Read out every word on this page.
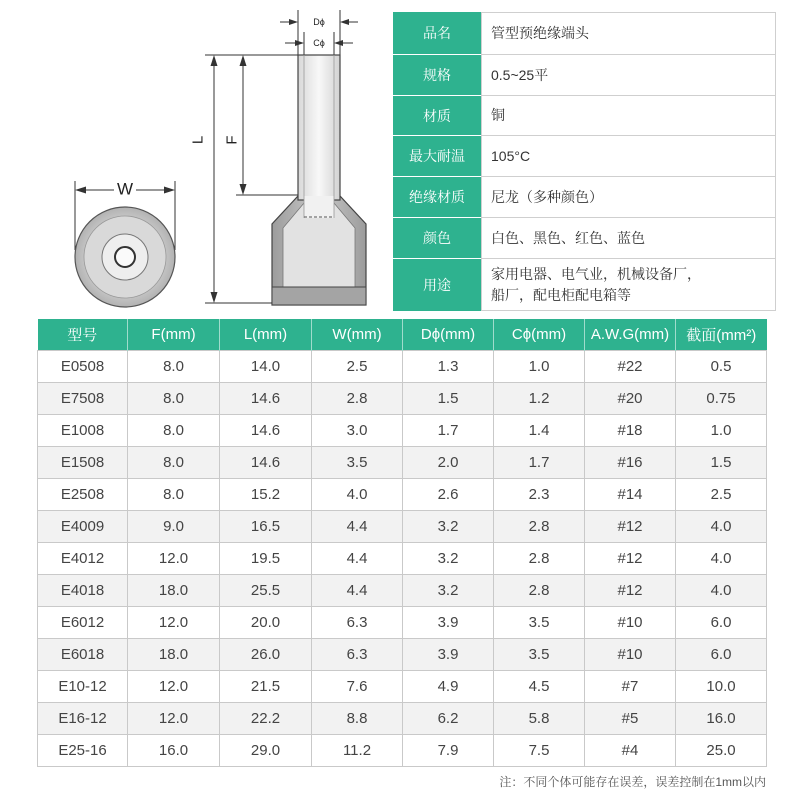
Dϕ
Cϕ
L F
W
品名	管型预绝缘端头
规格	0.5~25平
材质	铜
最大耐温	105°C
绝缘材质	尼龙（多种颜色）
颜色	白色、黑色、红色、蓝色
用途
家用电器、电气业，机械设备厂，
船厂，配电柜配电箱等
型号	F(mm)	L(mm)	W(mm)	Dϕ(mm)	Cϕ(mm)	A.W.G(mm)	截面(mm²)
E0508	8.0	14.0	2.5	1.3	1.0	#22	0.5
E7508	8.0	14.6	2.8	1.5	1.2	#20	0.75
E1008	8.0	14.6	3.0	1.7	1.4	#18	1.0
E1508	8.0	14.6	3.5	2.0	1.7	#16	1.5
E2508	8.0	15.2	4.0	2.6	2.3	#14	2.5
E4009	9.0	16.5	4.4	3.2	2.8	#12	4.0
E4012	12.0	19.5	4.4	3.2	2.8	#12	4.0
E4018	18.0	25.5	4.4	3.2	2.8	#12	4.0
E6012	12.0	20.0	6.3	3.9	3.5	#10	6.0
E6018	18.0	26.0	6.3	3.9	3.5	#10	6.0
E10-12	12.0	21.5	7.6	4.9	4.5	#7	10.0
E16-12	12.0	22.2	8.8	6.2	5.8	#5	16.0
E25-16	16.0	29.0	11.2	7.9	7.5	#4	25.0
注：不同个体可能存在误差，误差控制在1mm以内
